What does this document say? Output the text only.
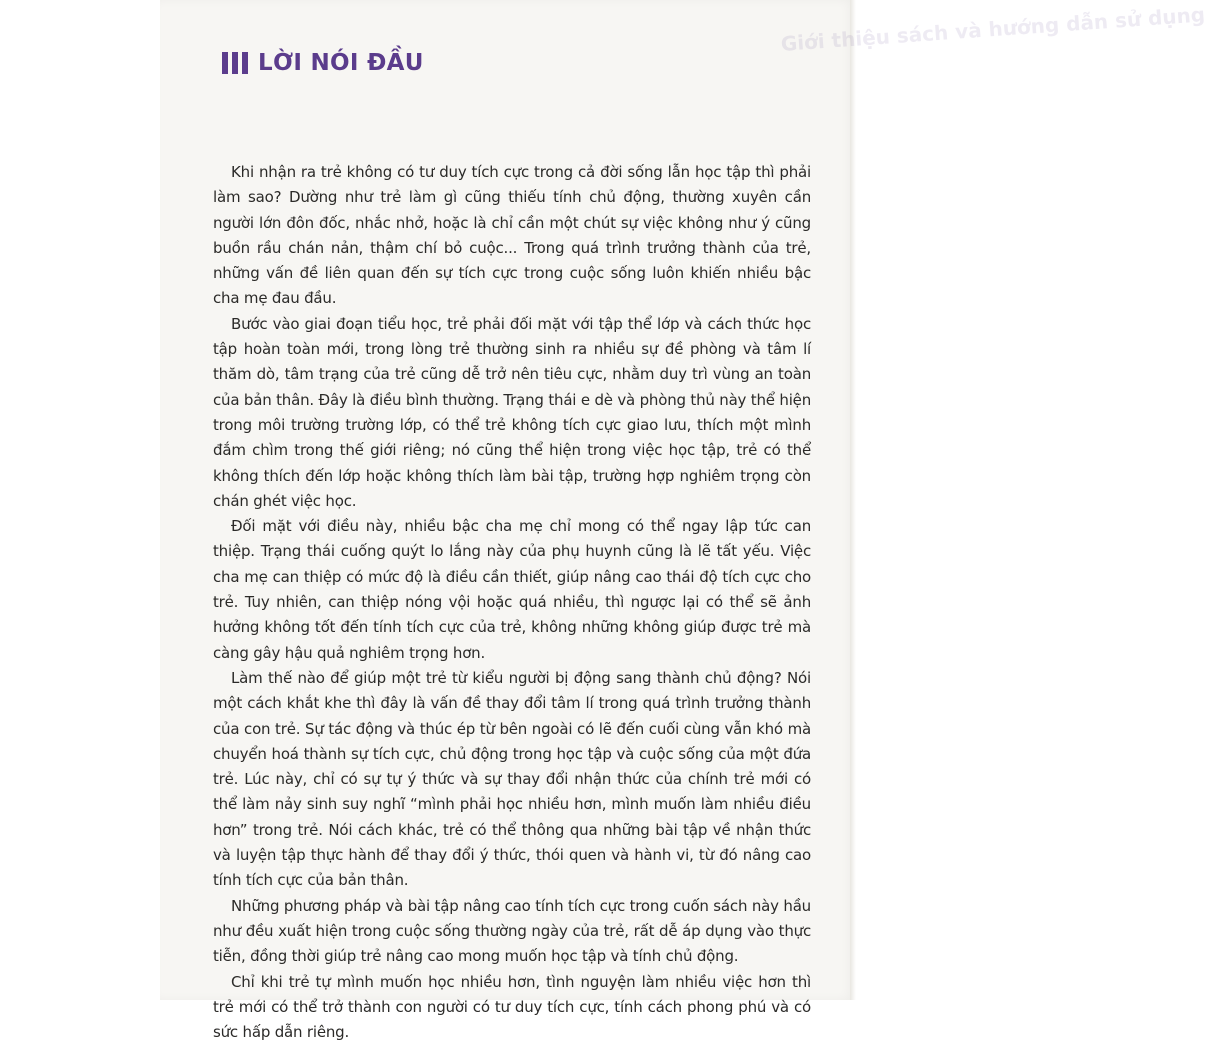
Giới thiệu sách và hướng dẫn sử dụng
LỜI NÓI ĐẦU

Khi nhận ra trẻ không có tư duy tích cực trong cả đời sống lẫn học tập thì phải làm sao? Dường như trẻ làm gì cũng thiếu tính chủ động, thường xuyên cần người lớn đôn đốc, nhắc nhở, hoặc là chỉ cần một chút sự việc không như ý cũng buồn rầu chán nản, thậm chí bỏ cuộc... Trong quá trình trưởng thành của trẻ, những vấn đề liên quan đến sự tích cực trong cuộc sống luôn khiến nhiều bậc cha mẹ đau đầu.

Bước vào giai đoạn tiểu học, trẻ phải đối mặt với tập thể lớp và cách thức học tập hoàn toàn mới, trong lòng trẻ thường sinh ra nhiều sự đề phòng và tâm lí thăm dò, tâm trạng của trẻ cũng dễ trở nên tiêu cực, nhằm duy trì vùng an toàn của bản thân. Đây là điều bình thường. Trạng thái e dè và phòng thủ này thể hiện trong môi trường trường lớp, có thể trẻ không tích cực giao lưu, thích một mình đắm chìm trong thế giới riêng; nó cũng thể hiện trong việc học tập, trẻ có thể không thích đến lớp hoặc không thích làm bài tập, trường hợp nghiêm trọng còn chán ghét việc học.

Đối mặt với điều này, nhiều bậc cha mẹ chỉ mong có thể ngay lập tức can thiệp. Trạng thái cuống quýt lo lắng này của phụ huynh cũng là lẽ tất yếu. Việc cha mẹ can thiệp có mức độ là điều cần thiết, giúp nâng cao thái độ tích cực cho trẻ. Tuy nhiên, can thiệp nóng vội hoặc quá nhiều, thì ngược lại có thể sẽ ảnh hưởng không tốt đến tính tích cực của trẻ, không những không giúp được trẻ mà càng gây hậu quả nghiêm trọng hơn.

Làm thế nào để giúp một trẻ từ kiểu người bị động sang thành chủ động? Nói một cách khắt khe thì đây là vấn đề thay đổi tâm lí trong quá trình trưởng thành của con trẻ. Sự tác động và thúc ép từ bên ngoài có lẽ đến cuối cùng vẫn khó mà chuyển hoá thành sự tích cực, chủ động trong học tập và cuộc sống của một đứa trẻ. Lúc này, chỉ có sự tự ý thức và sự thay đổi nhận thức của chính trẻ mới có thể làm nảy sinh suy nghĩ “mình phải học nhiều hơn, mình muốn làm nhiều điều hơn” trong trẻ. Nói cách khác, trẻ có thể thông qua những bài tập về nhận thức và luyện tập thực hành để thay đổi ý thức, thói quen và hành vi, từ đó nâng cao tính tích cực của bản thân.

Những phương pháp và bài tập nâng cao tính tích cực trong cuốn sách này hầu như đều xuất hiện trong cuộc sống thường ngày của trẻ, rất dễ áp dụng vào thực tiễn, đồng thời giúp trẻ nâng cao mong muốn học tập và tính chủ động.

Chỉ khi trẻ tự mình muốn học nhiều hơn, tình nguyện làm nhiều việc hơn thì trẻ mới có thể trở thành con người có tư duy tích cực, tính cách phong phú và có sức hấp dẫn riêng.
